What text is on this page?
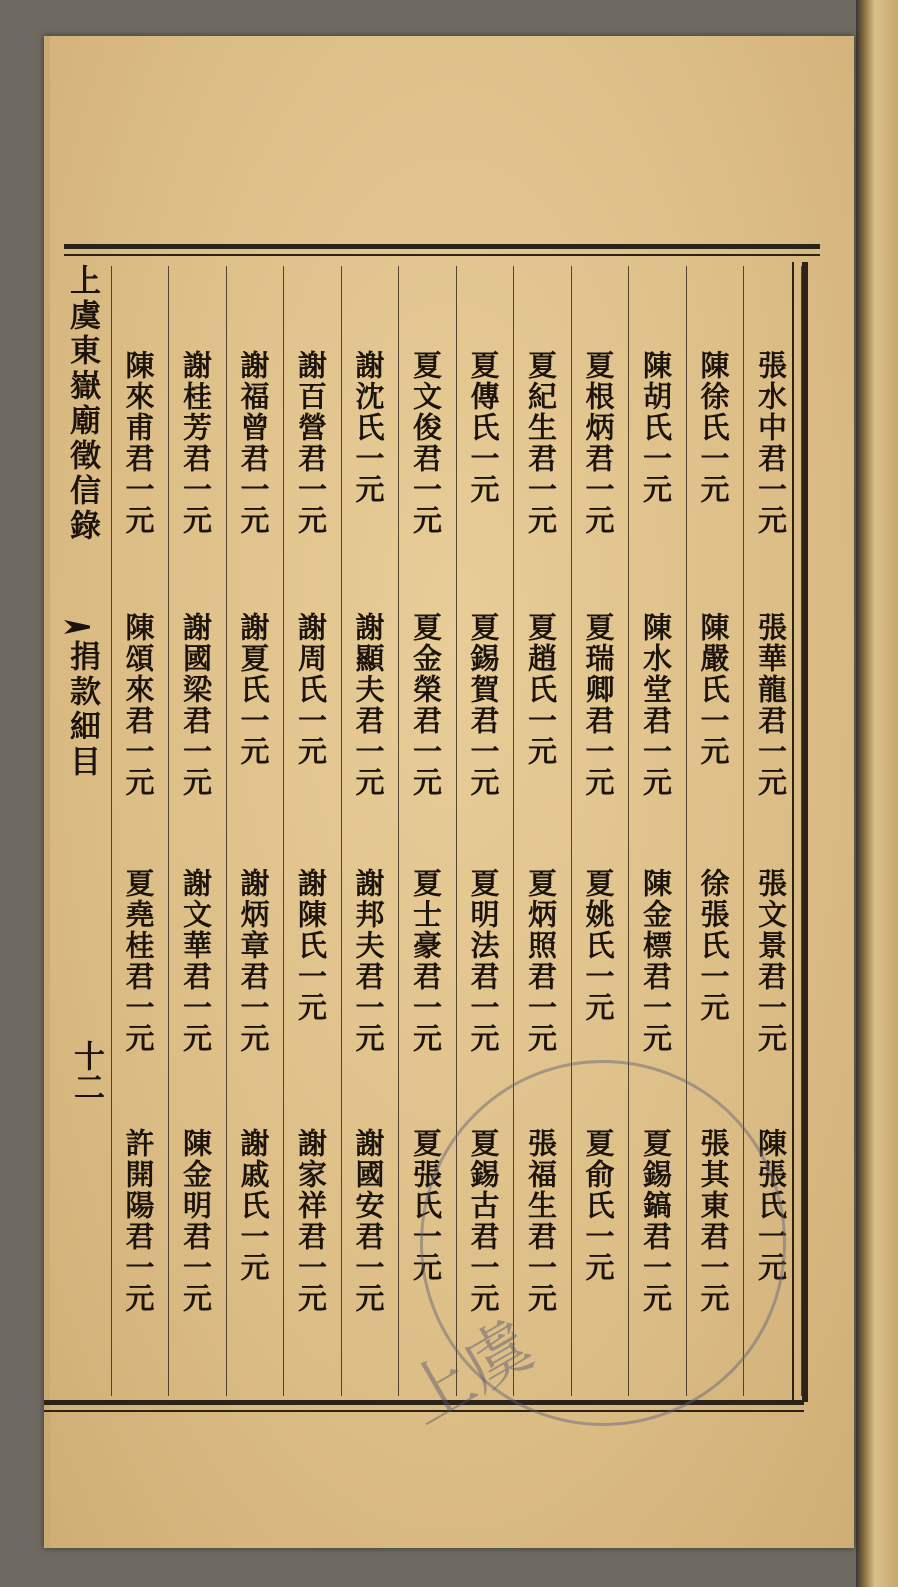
上虞東嶽廟徵信錄
捐款細目
十二
張水中君一元
張華龍君一元
張文景君一元
陳張氏一元
陳徐氏一元
陳嚴氏一元
徐張氏一元
張其東君一元
陳胡氏一元
陳水堂君一元
陳金標君一元
夏錫鎬君一元
夏根炳君一元
夏瑞卿君一元
夏姚氏一元
夏俞氏一元
夏紀生君一元
夏趙氏一元
夏炳照君一元
張福生君一元
夏傳氏一元
夏錫賀君一元
夏明法君一元
夏錫古君一元
夏文俊君一元
夏金榮君一元
夏士豪君一元
夏張氏一元
謝沈氏一元
謝顯夫君一元
謝邦夫君一元
謝國安君一元
謝百營君一元
謝周氏一元
謝陳氏一元
謝家祥君一元
謝福曾君一元
謝夏氏一元
謝炳章君一元
謝戚氏一元
謝桂芳君一元
謝國梁君一元
謝文華君一元
陳金明君一元
陳來甫君一元
陳頌來君一元
夏堯桂君一元
許開陽君一元
上虞
